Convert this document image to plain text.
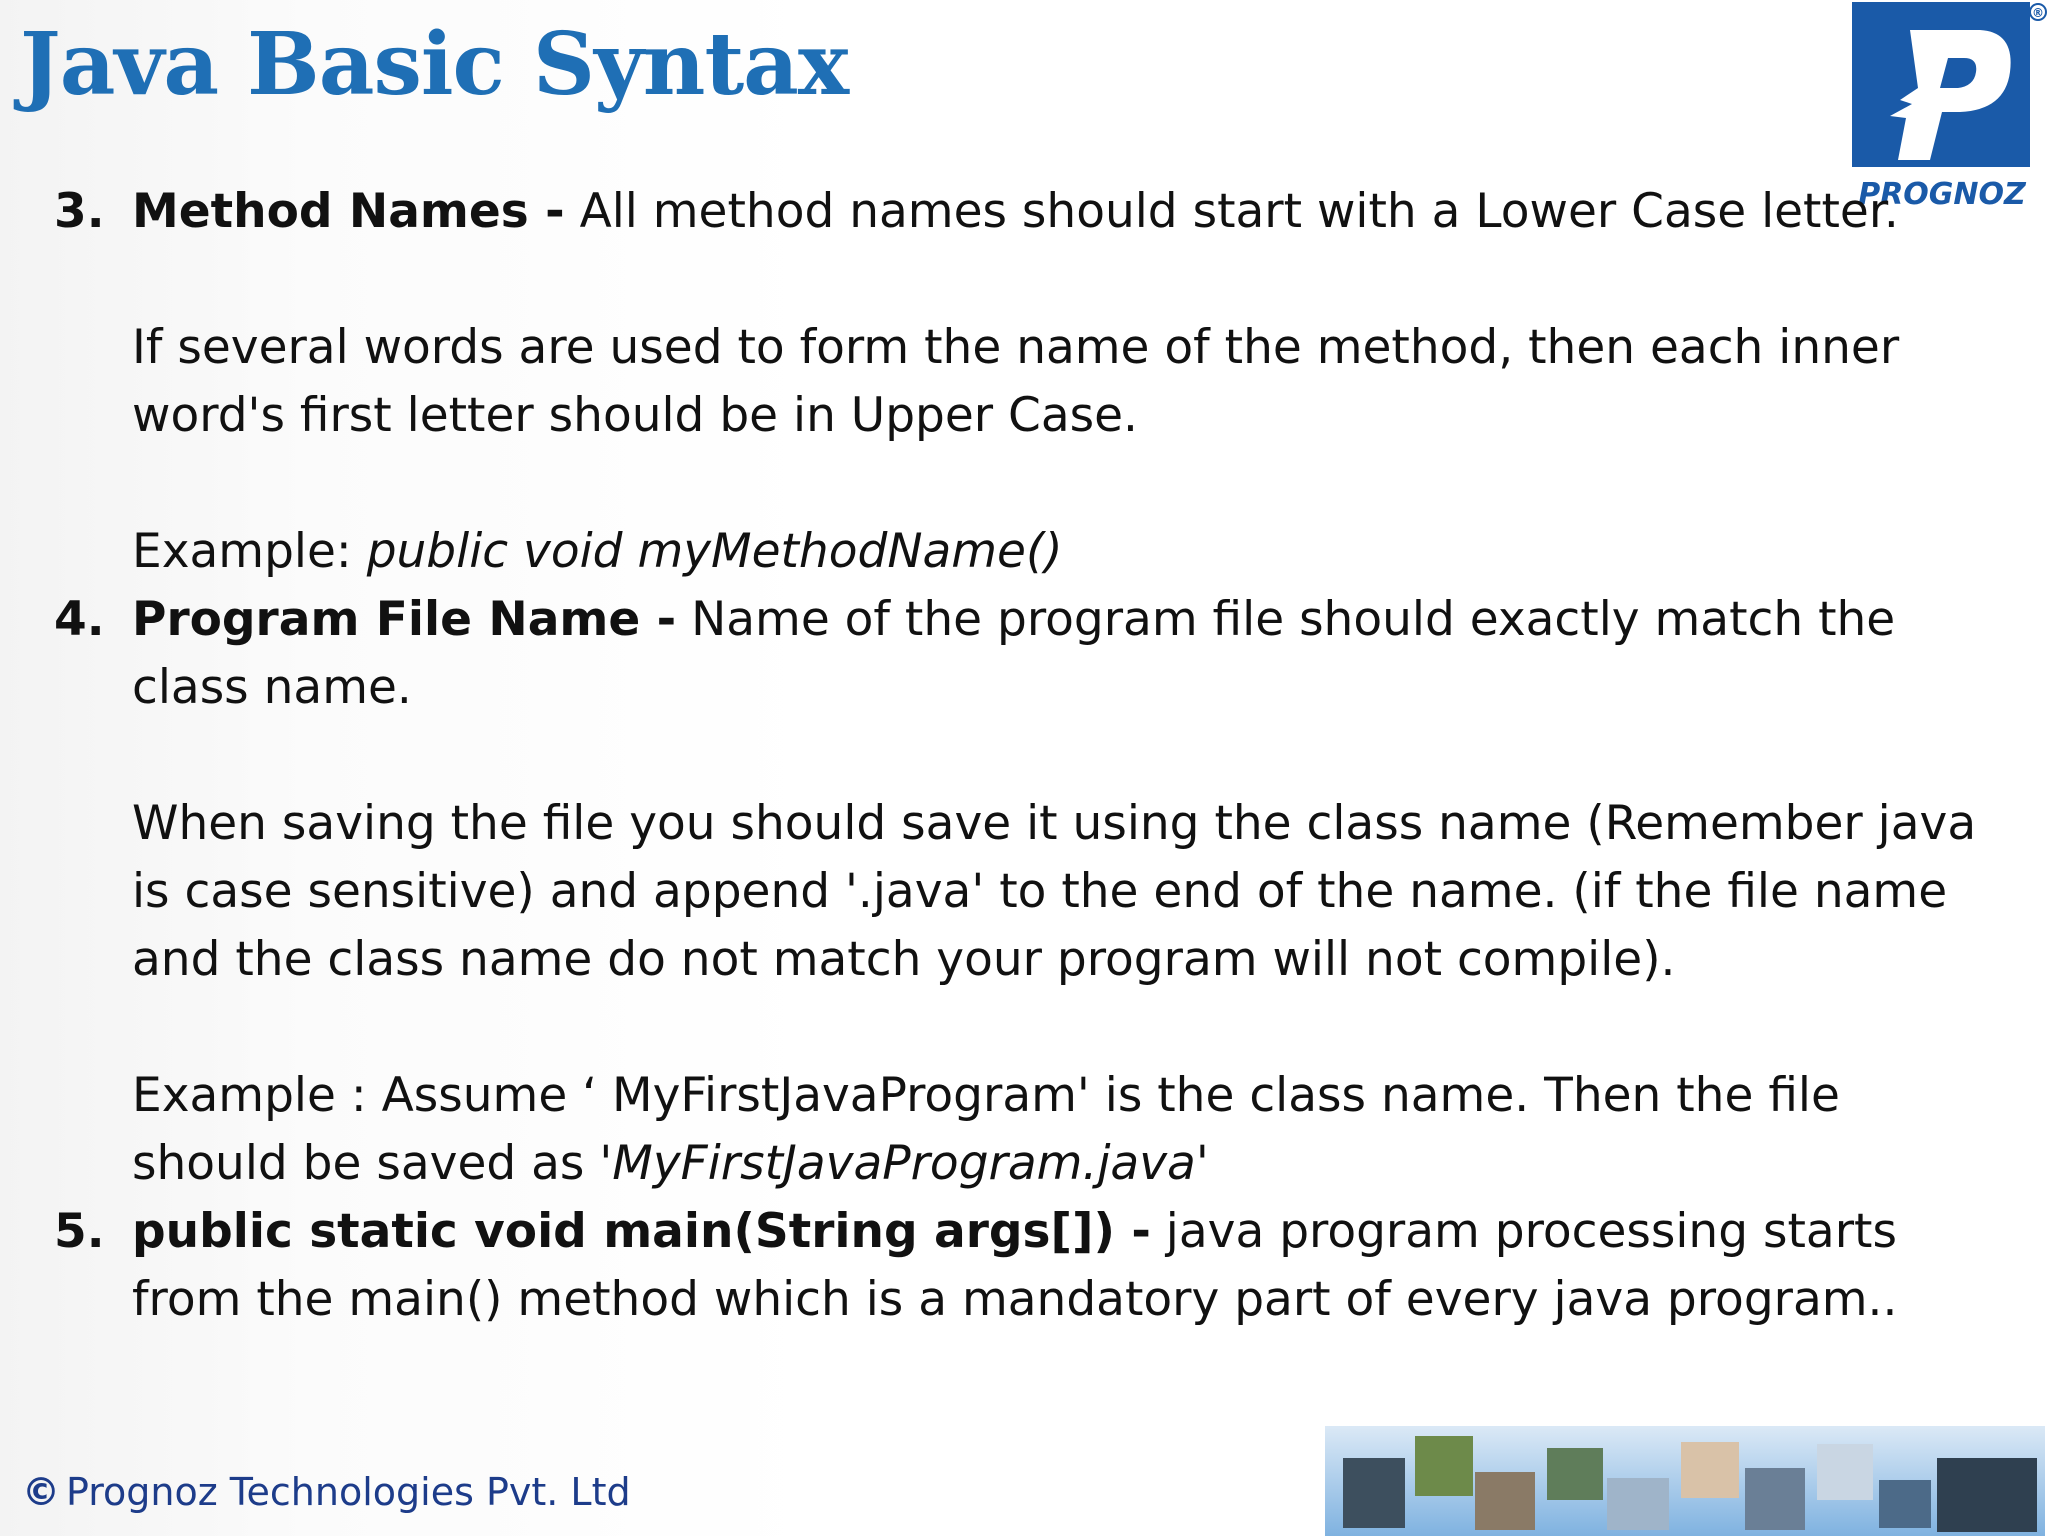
Java Basic Syntax
®
PROGNOZ
3. Method Names - All method names should start with a Lower Case letter.
If several words are used to form the name of the method, then each inner word's first letter should be in Upper Case.
Example: public void myMethodName()
4. Program File Name - Name of the program file should exactly match the class name.
When saving the file you should save it using the class name (Remember java is case sensitive) and append '.java' to the end of the name. (if the file name and the class name do not match your program will not compile).
Example : Assume ‘ MyFirstJavaProgram' is the class name. Then the file should be saved as 'MyFirstJavaProgram.java'
5. public static void main(String args[]) - java program processing starts from the main() method which is a mandatory part of every java program..
© Prognoz Technologies Pvt. Ltd
